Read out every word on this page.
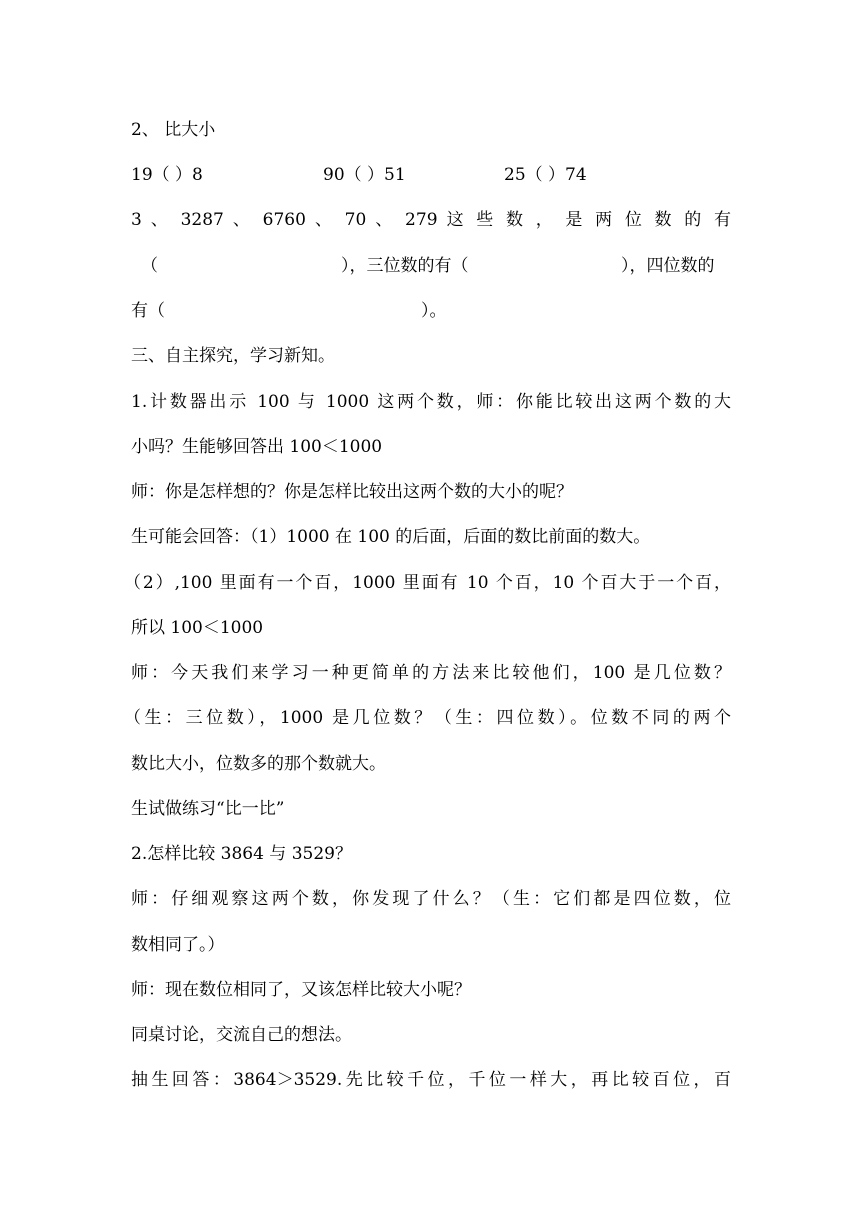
2、 比大小
19（ ）8	90（ ）51	25（ ）74
3 、 3287 、 6760 、 70 、 279 这 些 数 ， 是 两 位 数 的 有
（	），三位数的有（	），四位数的
有（	）。
三、自主探究，学习新知。
1.计数器出示 100 与 1000 这两个数，师：你能比较出这两个数的大
小吗？生能够回答出 100＜1000
师：你是怎样想的？你是怎样比较出这两个数的大小的呢？
生可能会回答：（1）1000 在 100 的后面，后面的数比前面的数大。
（2）,100 里面有一个百，1000 里面有 10 个百，10 个百大于一个百，
所以 100＜1000
师：今天我们来学习一种更简单的方法来比较他们，100 是几位数？
（生：三位数），1000 是几位数？（生：四位数）。位数不同的两个
数比大小，位数多的那个数就大。
生试做练习“比一比”
2.怎样比较 3864 与 3529？
师：仔细观察这两个数，你发现了什么？（生：它们都是四位数，位
数相同了。）
师：现在数位相同了，又该怎样比较大小呢？
同桌讨论，交流自己的想法。
抽生回答：3864＞3529.先比较千位，千位一样大，再比较百位，百
